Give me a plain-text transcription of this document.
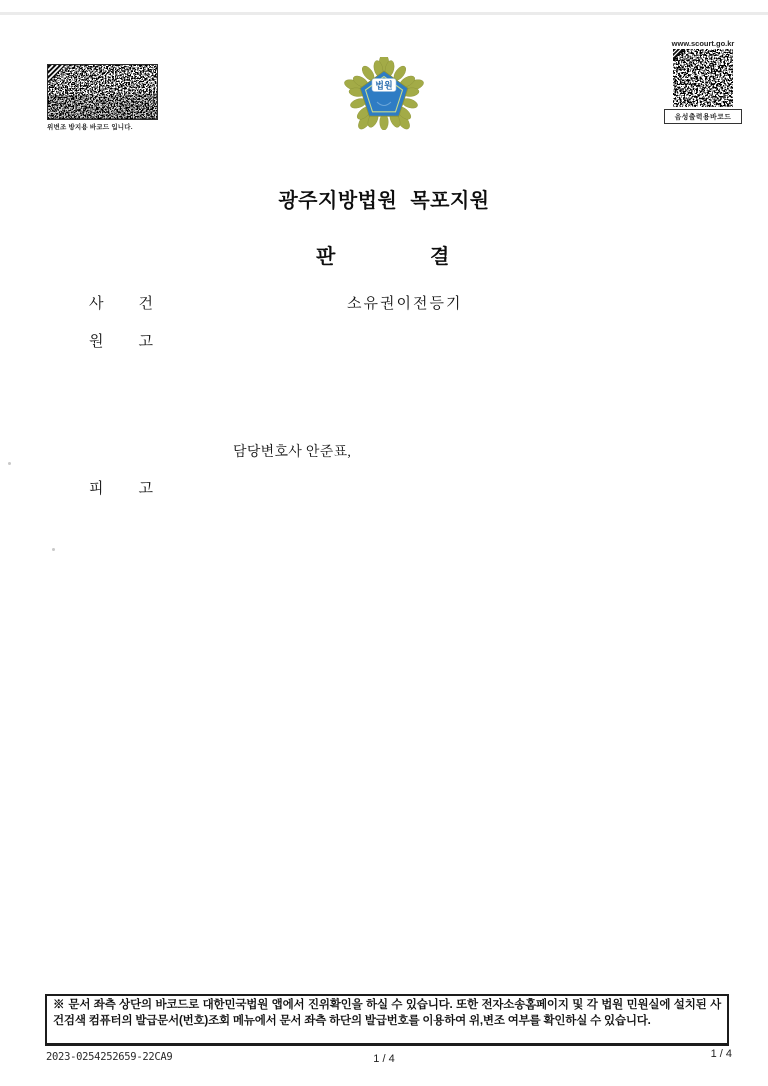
위변조 방지용 바코드 입니다.
법원
www.scourt.go.kr
음성출력용바코드
광주지방법원 목포지원
판	결
사 건	소유권이전등기
원 고
담당변호사 안준표,
피 고
※ 문서 좌측 상단의 바코드로 대한민국법원 앱에서 진위확인을 하실 수 있습니다. 또한 전자소송홈페이지 및 각 법원 민원실에 설치된 사건검색 컴퓨터의 발급문서(번호)조회 메뉴에서 문서 좌측 하단의 발급번호를 이용하여 위,변조 여부를 확인하실 수 있습니다.
2023-0254252659-22CA9	1 / 4	1 / 4
